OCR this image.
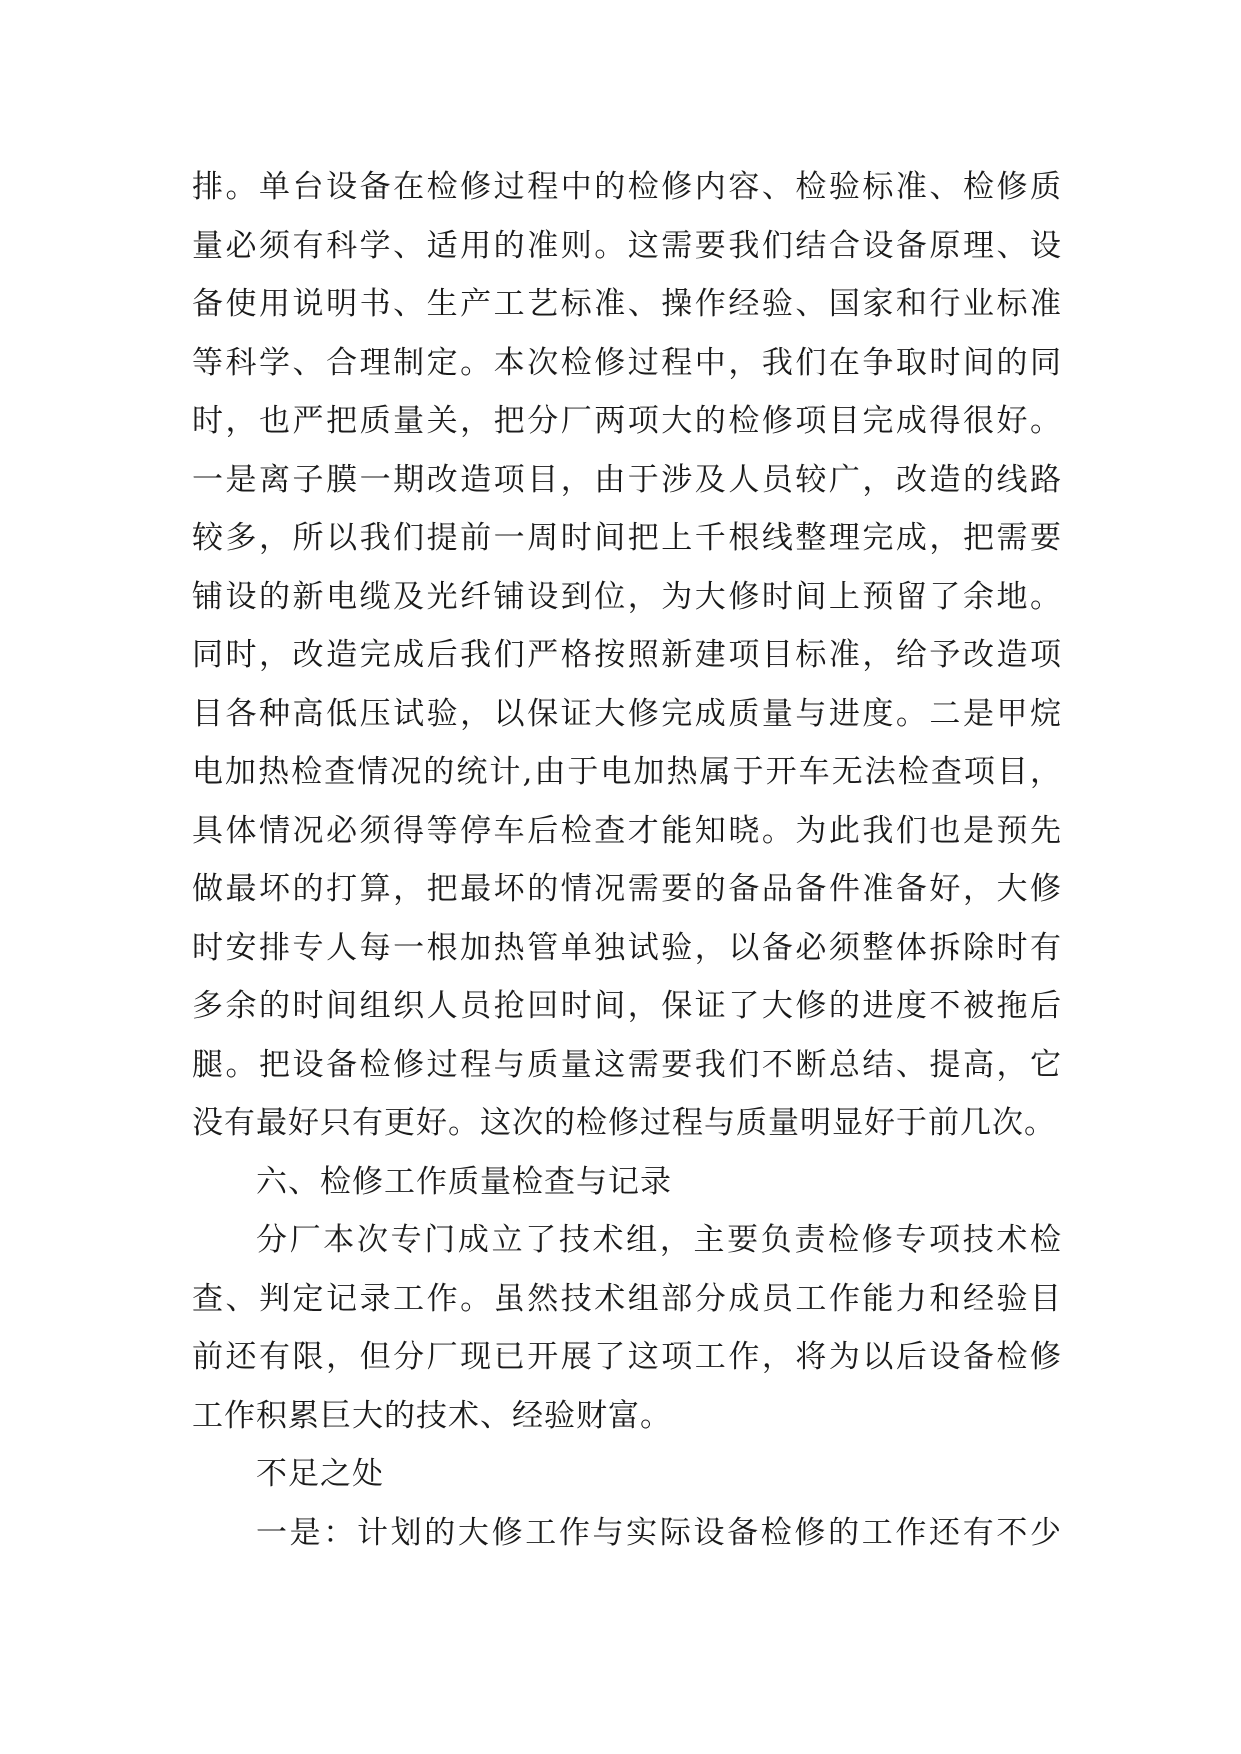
排。单台设备在检修过程中的检修内容、检验标准、检修质
量必须有科学、适用的准则。这需要我们结合设备原理、设
备使用说明书、生产工艺标准、操作经验、国家和行业标准
等科学、合理制定。本次检修过程中，我们在争取时间的同
时，也严把质量关，把分厂两项大的检修项目完成得很好。
一是离子膜一期改造项目，由于涉及人员较广，改造的线路
较多，所以我们提前一周时间把上千根线整理完成，把需要
铺设的新电缆及光纤铺设到位，为大修时间上预留了余地。
同时，改造完成后我们严格按照新建项目标准，给予改造项
目各种高低压试验，以保证大修完成质量与进度。二是甲烷
电加热检查情况的统计,由于电加热属于开车无法检查项目，
具体情况必须得等停车后检查才能知晓。为此我们也是预先
做最坏的打算，把最坏的情况需要的备品备件准备好，大修
时安排专人每一根加热管单独试验，以备必须整体拆除时有
多余的时间组织人员抢回时间，保证了大修的进度不被拖后
腿。把设备检修过程与质量这需要我们不断总结、提高，它
没有最好只有更好。这次的检修过程与质量明显好于前几次。
六、检修工作质量检查与记录
分厂本次专门成立了技术组，主要负责检修专项技术检
查、判定记录工作。虽然技术组部分成员工作能力和经验目
前还有限，但分厂现已开展了这项工作，将为以后设备检修
工作积累巨大的技术、经验财富。
不足之处
一是：计划的大修工作与实际设备检修的工作还有不少
